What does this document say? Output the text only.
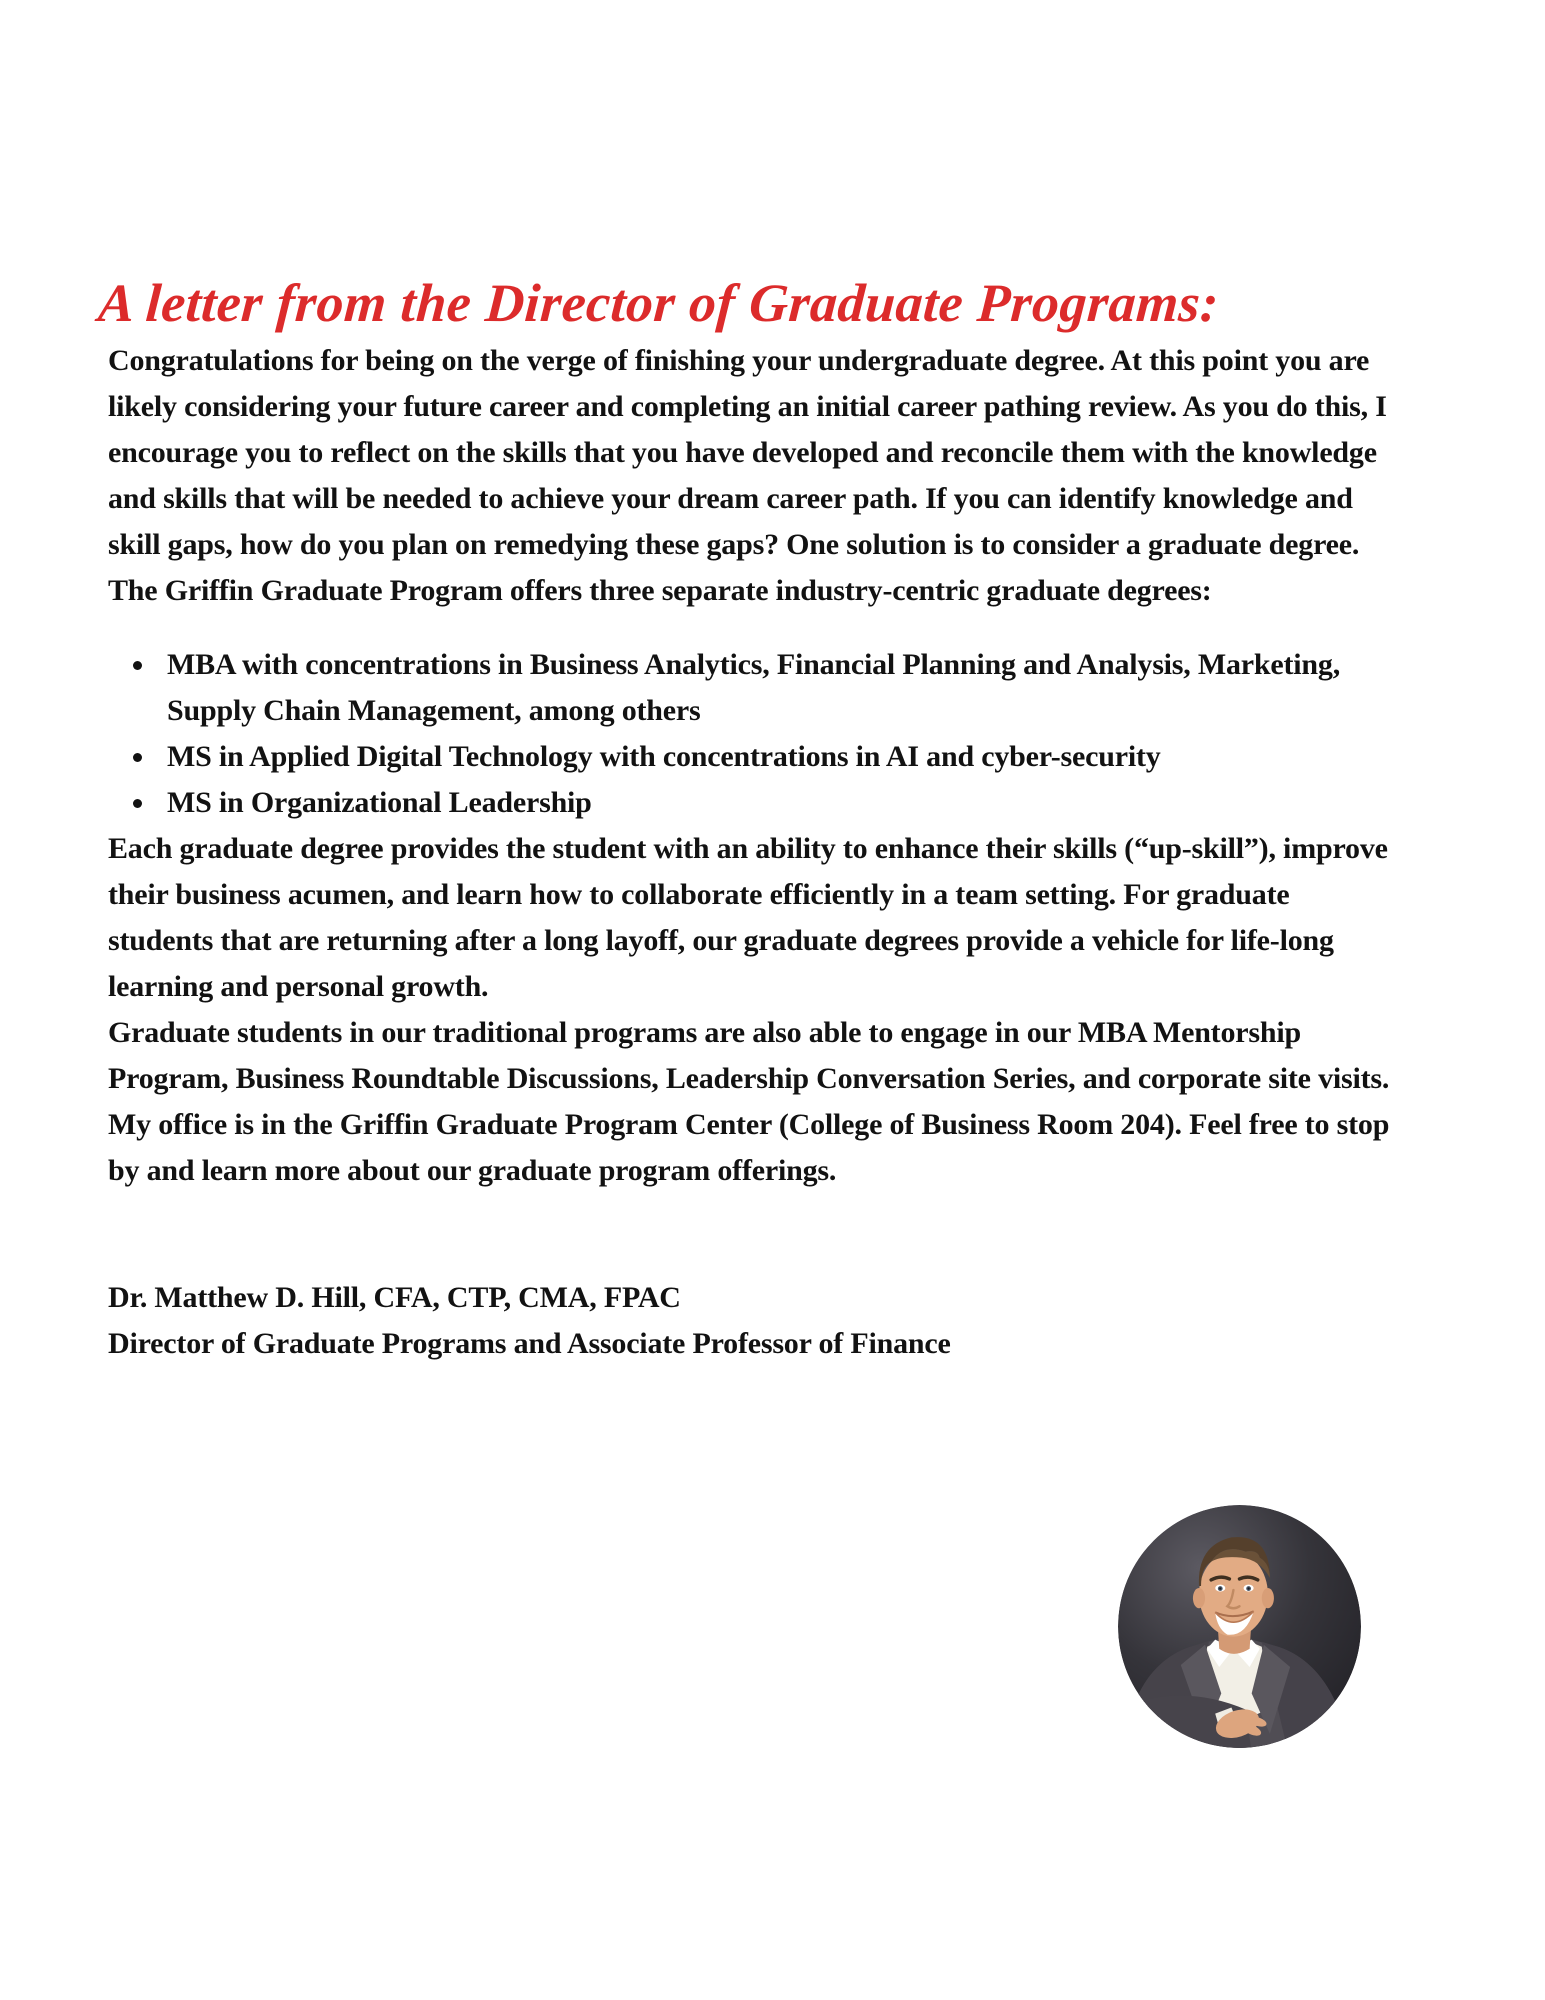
A letter from the Director of Graduate Programs:

Congratulations for being on the verge of finishing your undergraduate degree. At this point you are likely considering your future career and completing an initial career pathing review. As you do this, I encourage you to reflect on the skills that you have developed and reconcile them with the knowledge and skills that will be needed to achieve your dream career path. If you can identify knowledge and skill gaps, how do you plan on remedying these gaps? One solution is to consider a graduate degree. The Griffin Graduate Program offers three separate industry-centric graduate degrees:

MBA with concentrations in Business Analytics, Financial Planning and Analysis, Marketing, Supply Chain Management, among others
MS in Applied Digital Technology with concentrations in AI and cyber-security
MS in Organizational Leadership

Each graduate degree provides the student with an ability to enhance their skills (“up-skill”), improve their business acumen, and learn how to collaborate efficiently in a team setting. For graduate students that are returning after a long layoff, our graduate degrees provide a vehicle for life-long learning and personal growth.

Graduate students in our traditional programs are also able to engage in our MBA Mentorship Program, Business Roundtable Discussions, Leadership Conversation Series, and corporate site visits.

My office is in the Griffin Graduate Program Center (College of Business Room 204). Feel free to stop by and learn more about our graduate program offerings.

Dr. Matthew D. Hill, CFA, CTP, CMA, FPAC

Director of Graduate Programs and Associate Professor of Finance
